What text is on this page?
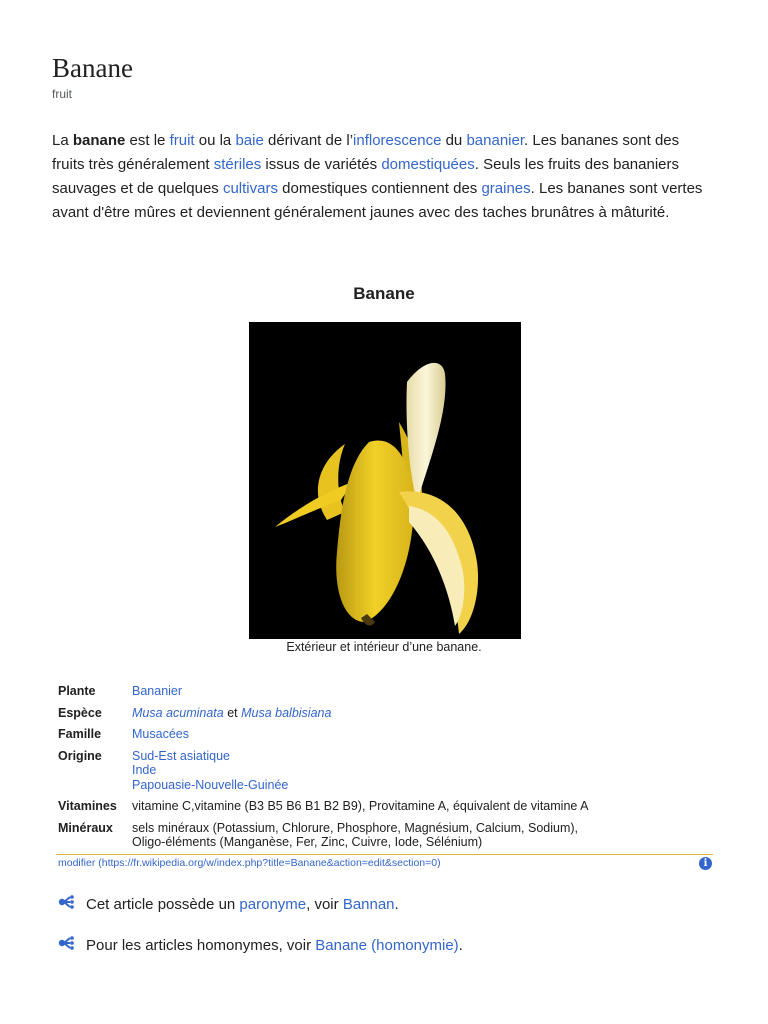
Banane
fruit

La banane est le fruit ou la baie dérivant de l’inflorescence du bananier. Les bananes sont des fruits très généralement stériles issus de variétés domestiquées. Seuls les fruits des bananiers sauvages et de quelques cultivars domestiques contiennent des graines. Les bananes sont vertes avant d'être mûres et deviennent généralement jaunes avec des taches brunâtres à mâturité.

Banane
Extérieur et intérieur d’une banane.
Plante	Bananier
Espèce	Musa acuminata et Musa balbisiana
Famille	Musacées
Origine	Sud-Est asiatique
Inde
Papouasie-Nouvelle-Guinée

Vitamines	vitamine C,vitamine (B3 B5 B6 B1 B2 B9), Provitamine A, équivalent de vitamine A
Minéraux	sels minéraux (Potassium, Chlorure, Phosphore, Magnésium, Calcium, Sodium),
Oligo-éléments (Manganèse, Fer, Zinc, Cuivre, Iode, Sélénium)
modifier (https://fr.wikipedia.org/w/index.php?title=Banane&action=edit&section=0)	i
Cet article possède un paronyme, voir Bannan.
Pour les articles homonymes, voir Banane (homonymie).
